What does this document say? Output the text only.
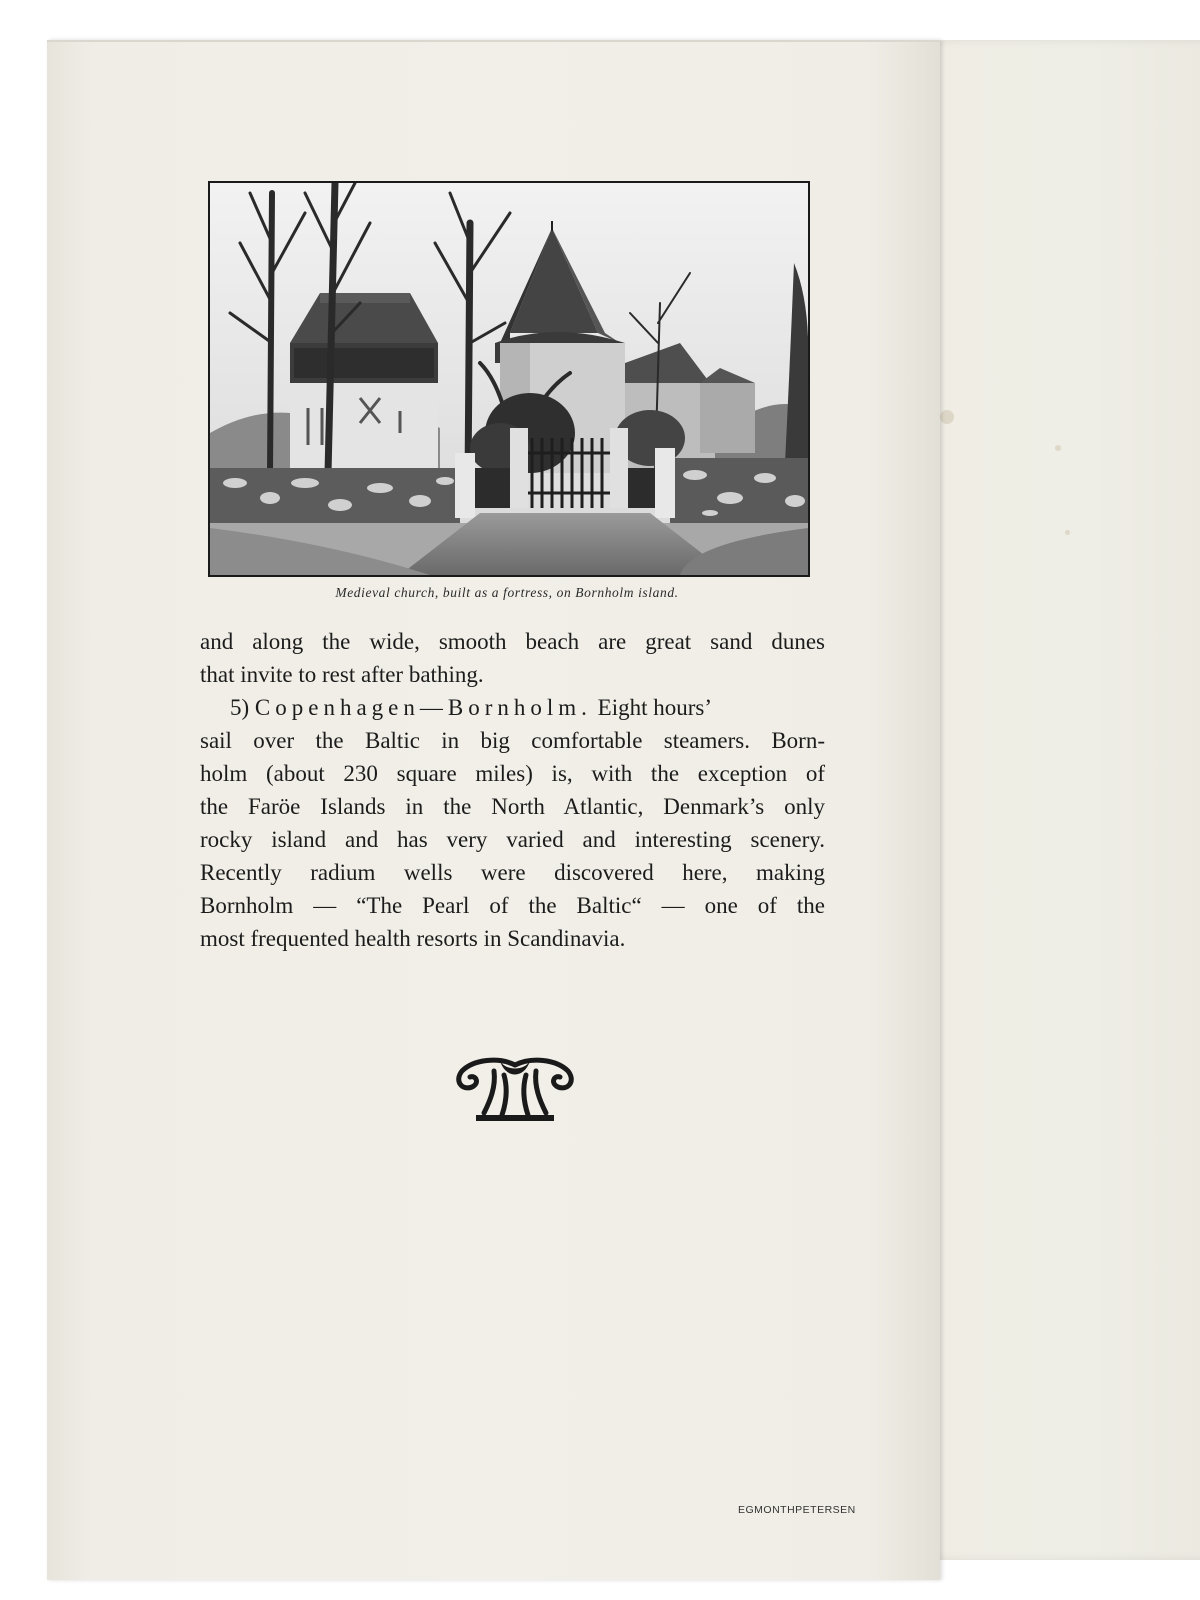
Medieval church, built as a fortress, on Bornholm island.
and along the wide, smooth beach are great sand dunes
that invite to rest after bathing.
5) Copenhagen—Bornholm. Eight hours’
sail over the Baltic in big comfortable steamers. Born-
holm (about 230 square miles) is, with the exception of
the Faröe Islands in the North Atlantic, Denmark’s only
rocky island and has very varied and interesting scenery.
Recently radium wells were discovered here, making
Bornholm — “The Pearl of the Baltic“ — one of the
most frequented health resorts in Scandinavia.
EGMONTHPETERSEN
